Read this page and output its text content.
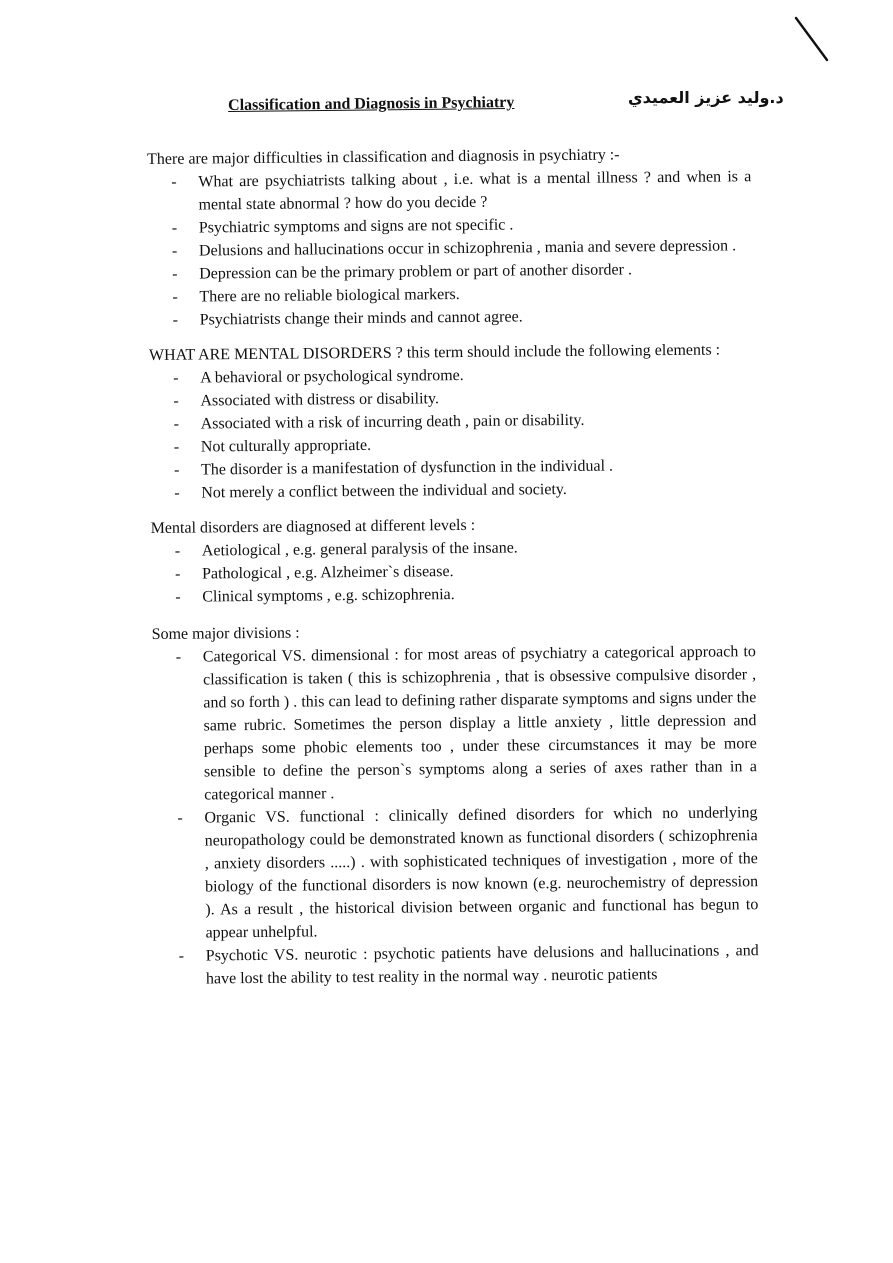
Classification and Diagnosis in Psychiatry	د.وليد عزيز العميدي

There are major difficulties in classification and diagnosis in psychiatry :-

- What are psychiatrists talking about , i.e. what is a mental illness ? and when is a mental state abnormal ? how do you decide ?
- Psychiatric symptoms and signs are not specific .
- Delusions and hallucinations occur in schizophrenia , mania and severe depression .
- Depression can be the primary problem or part of another disorder .
- There are no reliable biological markers.
- Psychiatrists change their minds and cannot agree.

WHAT ARE MENTAL DISORDERS ? this term should include the following elements :

- A behavioral or psychological syndrome.
- Associated with distress or disability.
- Associated with a risk of incurring death , pain or disability.
- Not culturally appropriate.
- The disorder is a manifestation of dysfunction in the individual .
- Not merely a conflict between the individual and society.

Mental disorders are diagnosed at different levels :

- Aetiological , e.g. general paralysis of the insane.
- Pathological , e.g. Alzheimer`s disease.
- Clinical symptoms , e.g. schizophrenia.

Some major divisions :

- Categorical VS. dimensional : for most areas of psychiatry a categorical approach to classification is taken ( this is schizophrenia , that is obsessive compulsive disorder , and so forth ) . this can lead to defining rather disparate symptoms and signs under the same rubric. Sometimes the person display a little anxiety , little depression and perhaps some phobic elements too , under these circumstances it may be more sensible to define the person`s symptoms along a series of axes rather than in a categorical manner .
- Organic VS. functional : clinically defined disorders for which no underlying neuropathology could be demonstrated known as functional disorders ( schizophrenia , anxiety disorders .....) . with sophisticated techniques of investigation , more of the biology of the functional disorders is now known (e.g. neurochemistry of depression ). As a result , the historical division between organic and functional has begun to appear unhelpful.
- Psychotic VS. neurotic : psychotic patients have delusions and hallucinations , and have lost the ability to test reality in the normal way . neurotic patients
